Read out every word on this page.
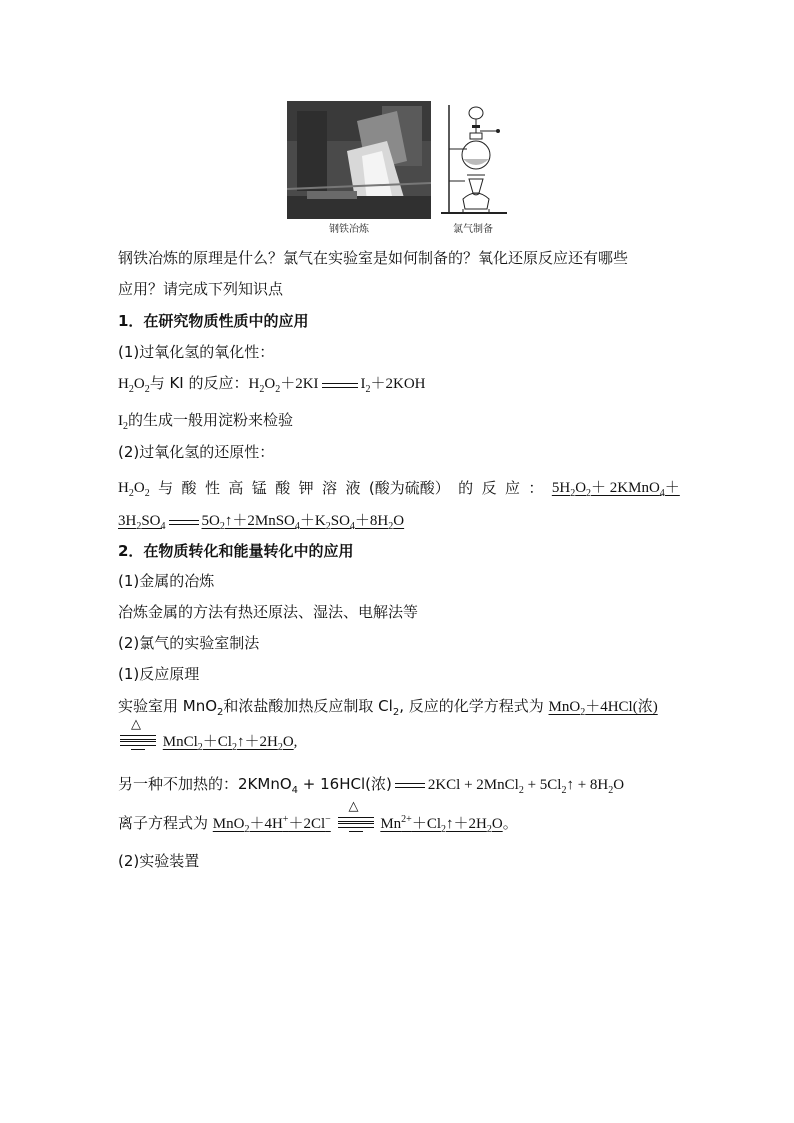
钢铁冶炼	氯气制备
钢铁冶炼的原理是什么？氯气在实验室是如何制备的？氧化还原反应还有哪些
应用？请完成下列知识点
1．在研究物质性质中的应用
(1)过氧化氢的氧化性：
$H_2O_2$与 KI 的反应：$H_2O_2+2KI$	$I_2+2KOH$
$I_2$的生成一般用淀粉来检验
(2)过氧化氢的还原性：
$H_2O_2$ 与 酸 性 高 锰 酸 钾 溶 液 (酸为硫酸） 的 反 应 ： $5H_2O_2+$ 2KMnO$_4$＋
$3H_2SO_4$ $5O_2↑+2MnSO_4+K_2SO_4+8H_2O$
2．在物质转化和能量转化中的应用
(1)金属的冶炼
冶炼金属的方法有热还原法、湿法、电解法等
(2)氯气的实验室制法
(1)反应原理
实验室用 MnO$_2$和浓盐酸加热反应制取 $Cl_2$, 反应的化学方程式为 MnO$_2$＋4HCl(浓)
△
$MnCl_2+Cl_2↑+2H_2O$,
另一种不加热的：2KMnO$_4$ + 16HCl(浓) 2KCl + 2MnCl$_2$ + $5Cl_2↑ + 8H_2O$
离子方程式为 MnO$_2$＋4H+＋2Cl−
△
$Mn^{2+}+Cl_2↑+2H_2O$。
(2)实验装置
